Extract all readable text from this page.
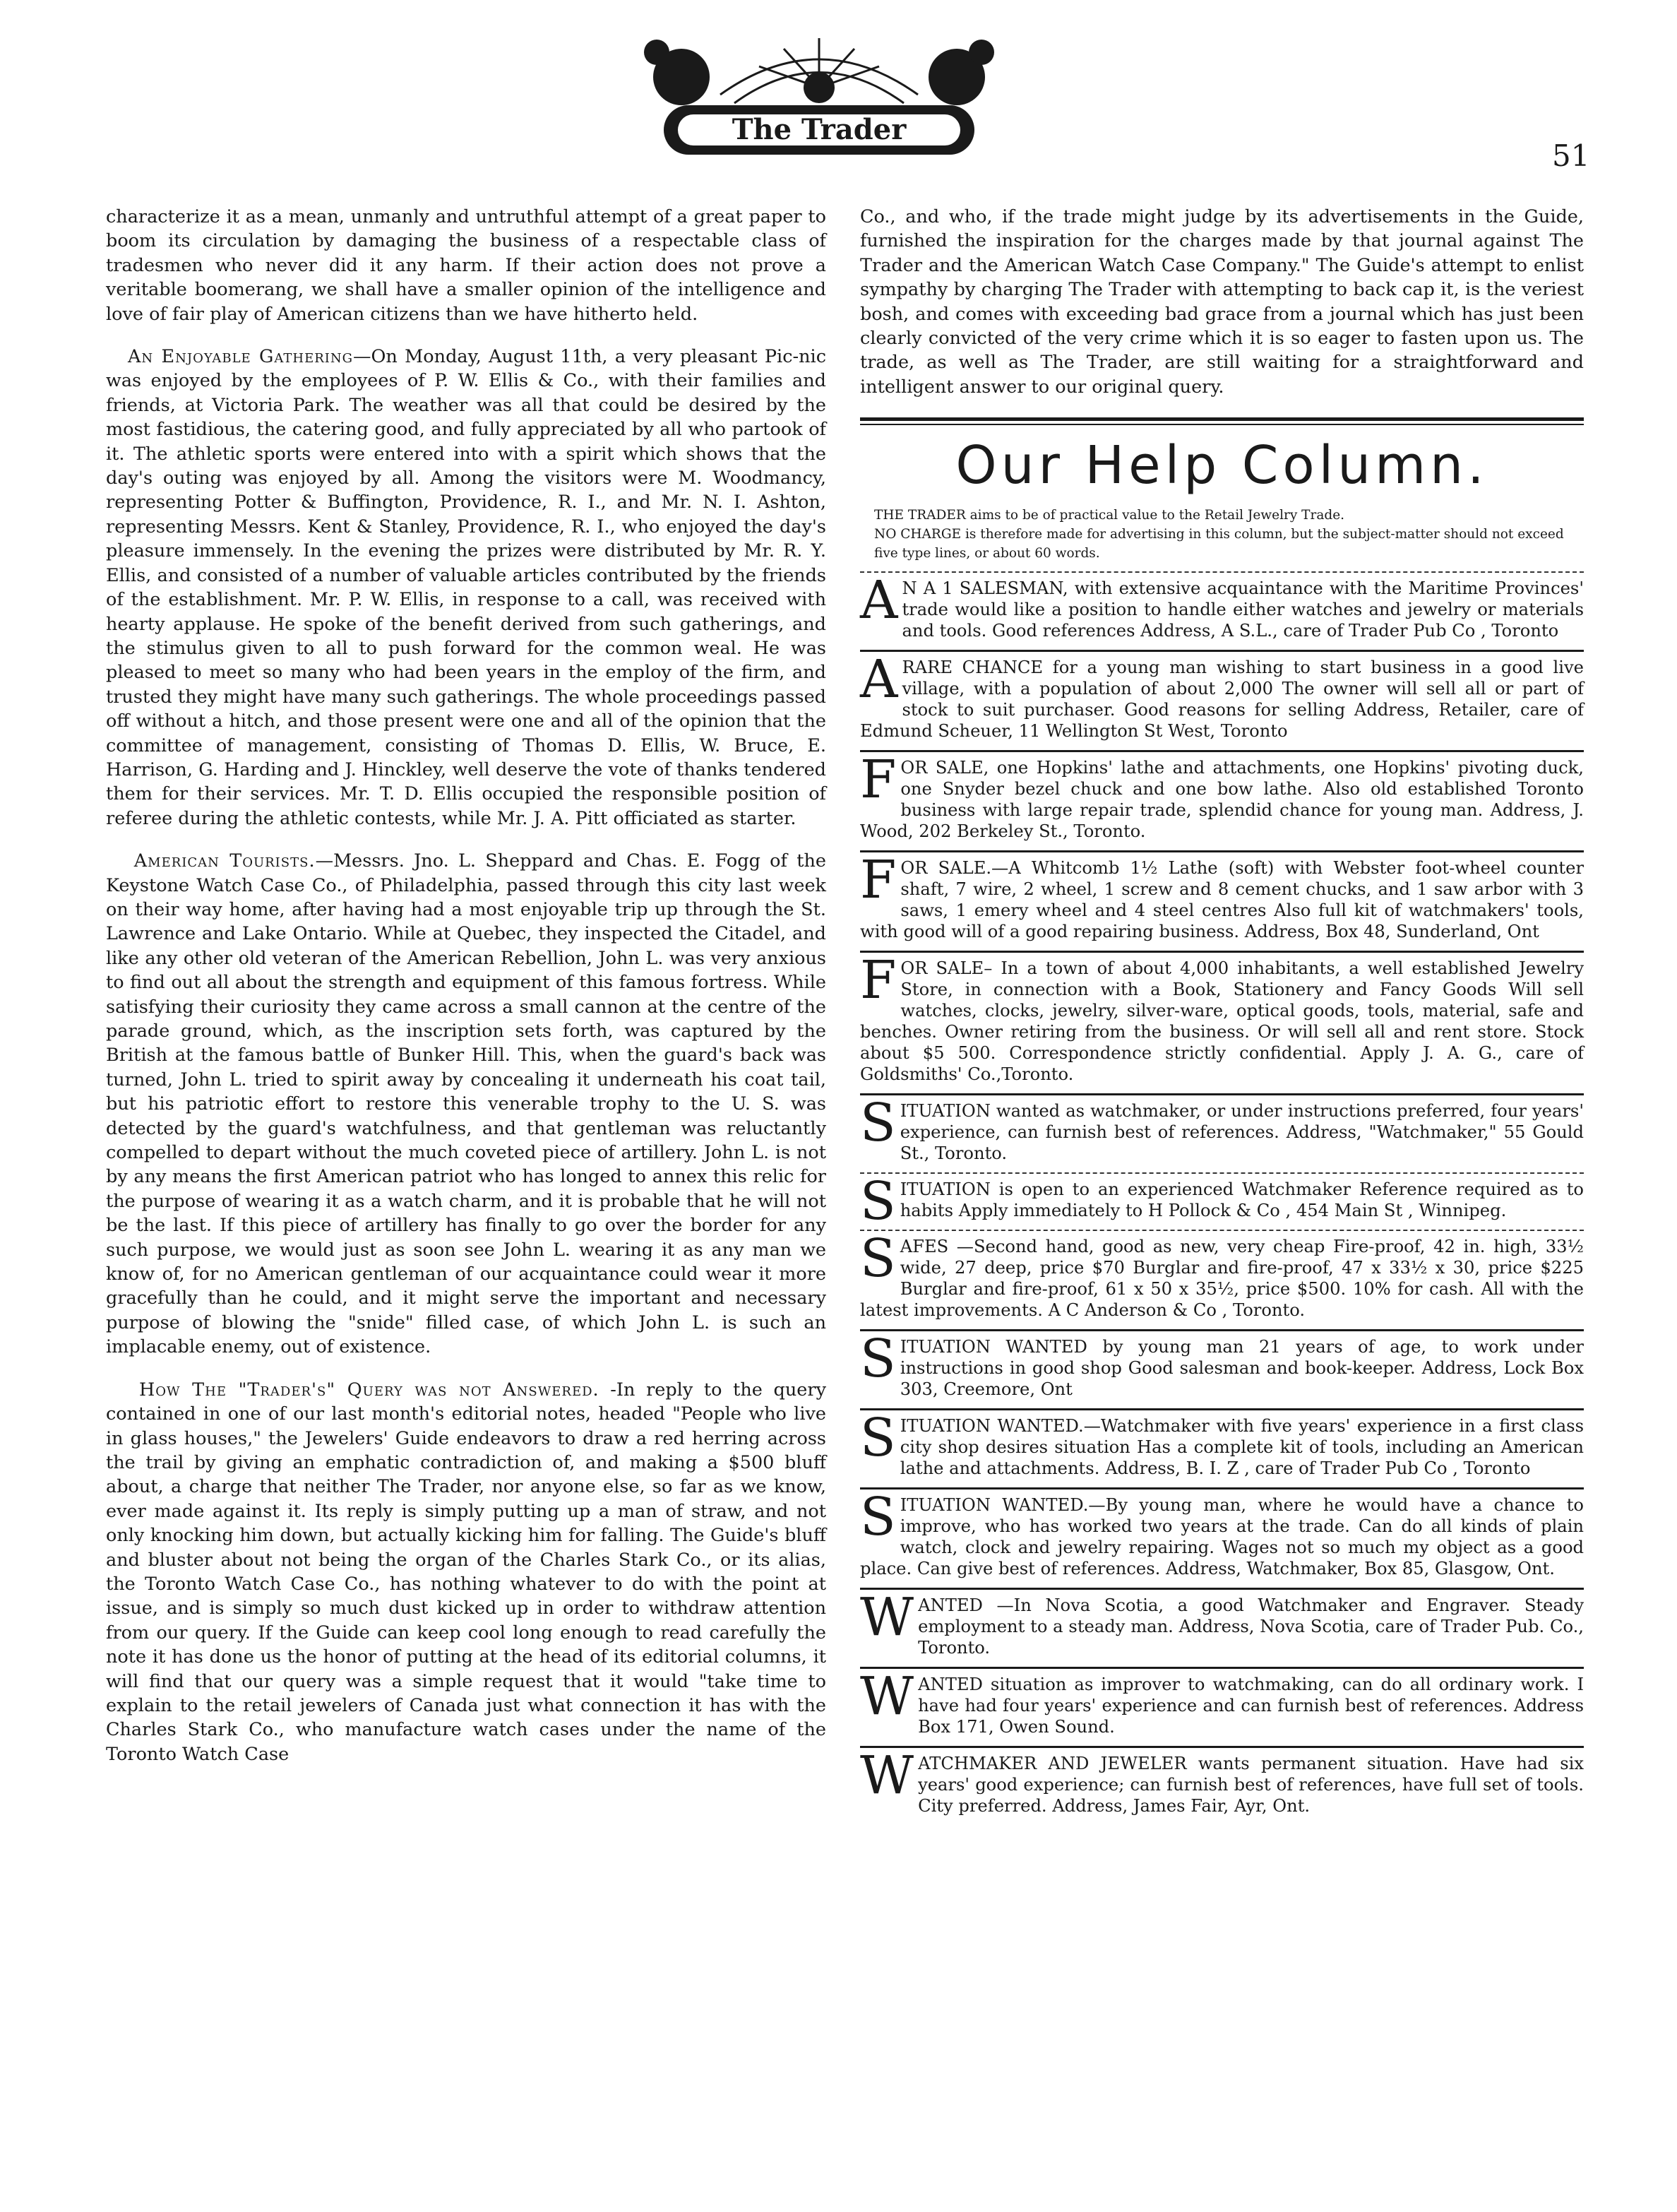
The Trader
51

characterize it as a mean, unmanly and untruthful attempt of a great paper to boom its circulation by damaging the business of a respectable class of tradesmen who never did it any harm. If their action does not prove a veritable boomerang, we shall have a smaller opinion of the intelligence and love of fair play of American citizens than we have hitherto held.

An Enjoyable Gathering—On Monday, August 11th, a very pleasant Pic-nic was enjoyed by the employees of P. W. Ellis & Co., with their families and friends, at Victoria Park. The weather was all that could be desired by the most fastidious, the catering good, and fully appreciated by all who partook of it. The athletic sports were entered into with a spirit which shows that the day's outing was enjoyed by all. Among the visitors were M. Woodmancy, representing Potter & Buffington, Providence, R. I., and Mr. N. I. Ashton, representing Messrs. Kent & Stanley, Providence, R. I., who enjoyed the day's pleasure immensely. In the evening the prizes were distributed by Mr. R. Y. Ellis, and consisted of a number of valuable articles contributed by the friends of the establishment. Mr. P. W. Ellis, in response to a call, was received with hearty applause. He spoke of the benefit derived from such gatherings, and the stimulus given to all to push forward for the common weal. He was pleased to meet so many who had been years in the employ of the firm, and trusted they might have many such gatherings. The whole proceedings passed off without a hitch, and those present were one and all of the opinion that the committee of management, consisting of Thomas D. Ellis, W. Bruce, E. Harrison, G. Harding and J. Hinckley, well deserve the vote of thanks tendered them for their services. Mr. T. D. Ellis occupied the responsible position of referee during the athletic contests, while Mr. J. A. Pitt officiated as starter.

American Tourists.—Messrs. Jno. L. Sheppard and Chas. E. Fogg of the Keystone Watch Case Co., of Philadelphia, passed through this city last week on their way home, after having had a most enjoyable trip up through the St. Lawrence and Lake Ontario. While at Quebec, they inspected the Citadel, and like any other old veteran of the American Rebellion, John L. was very anxious to find out all about the strength and equipment of this famous fortress. While satisfying their curiosity they came across a small cannon at the centre of the parade ground, which, as the inscription sets forth, was captured by the British at the famous battle of Bunker Hill. This, when the guard's back was turned, John L. tried to spirit away by concealing it underneath his coat tail, but his patriotic effort to restore this venerable trophy to the U. S. was detected by the guard's watchfulness, and that gentleman was reluctantly compelled to depart without the much coveted piece of artillery. John L. is not by any means the first American patriot who has longed to annex this relic for the purpose of wearing it as a watch charm, and it is probable that he will not be the last. If this piece of artillery has finally to go over the border for any such purpose, we would just as soon see John L. wearing it as any man we know of, for no American gentleman of our acquaintance could wear it more gracefully than he could, and it might serve the important and necessary purpose of blowing the "snide" filled case, of which John L. is such an implacable enemy, out of existence.

How The "Trader's" Query was not Answered. -In reply to the query contained in one of our last month's editorial notes, headed "People who live in glass houses," the Jewelers' Guide endeavors to draw a red herring across the trail by giving an emphatic contradiction of, and making a $500 bluff about, a charge that neither The Trader, nor anyone else, so far as we know, ever made against it. Its reply is simply putting up a man of straw, and not only knocking him down, but actually kicking him for falling. The Guide's bluff and bluster about not being the organ of the Charles Stark Co., or its alias, the Toronto Watch Case Co., has nothing whatever to do with the point at issue, and is simply so much dust kicked up in order to withdraw attention from our query. If the Guide can keep cool long enough to read carefully the note it has done us the honor of putting at the head of its editorial columns, it will find that our query was a simple request that it would "take time to explain to the retail jewelers of Canada just what connection it has with the Charles Stark Co., who manufacture watch cases under the name of the Toronto Watch Case

Co., and who, if the trade might judge by its advertisements in the Guide, furnished the inspiration for the charges made by that journal against The Trader and the American Watch Case Company." The Guide's attempt to enlist sympathy by charging The Trader with attempting to back cap it, is the veriest bosh, and comes with exceeding bad grace from a journal which has just been clearly convicted of the very crime which it is so eager to fasten upon us. The trade, as well as The Trader, are still waiting for a straightforward and intelligent answer to our original query.

Our Help Column.

THE TRADER aims to be of practical value to the Retail Jewelry Trade.

NO CHARGE is therefore made for advertising in this column, but the subject-matter should not exceed five type lines, or about 60 words.

A N A 1 SALESMAN, with extensive acquaintance with the Maritime Provinces' trade would like a position to handle either watches and jewelry or materials and tools. Good references Address, A S.L., care of Trader Pub Co , Toronto

A RARE CHANCE for a young man wishing to start business in a good live village, with a population of about 2,000 The owner will sell all or part of stock to suit purchaser. Good reasons for selling Address, Retailer, care of Edmund Scheuer, 11 Wellington St West, Toronto

FOR SALE, one Hopkins' lathe and attachments, one Hopkins' pivoting duck, one Snyder bezel chuck and one bow lathe. Also old established Toronto business with large repair trade, splendid chance for young man. Address, J. Wood, 202 Berkeley St., Toronto.

FOR SALE.—A Whitcomb 1½ Lathe (soft) with Webster foot-wheel counter shaft, 7 wire, 2 wheel, 1 screw and 8 cement chucks, and 1 saw arbor with 3 saws, 1 emery wheel and 4 steel centres Also full kit of watchmakers' tools, with good will of a good repairing business. Address, Box 48, Sunderland, Ont

FOR SALE– In a town of about 4,000 inhabitants, a well established Jewelry Store, in connection with a Book, Stationery and Fancy Goods Will sell watches, clocks, jewelry, silver-ware, optical goods, tools, material, safe and benches. Owner retiring from the business. Or will sell all and rent store. Stock about $5 500. Correspondence strictly confidential. Apply J. A. G., care of Goldsmiths' Co.,Toronto.

SITUATION wanted as watchmaker, or under instructions preferred, four years' experience, can furnish best of references. Address, "Watchmaker," 55 Gould St., Toronto.

SITUATION is open to an experienced Watchmaker Reference required as to habits Apply immediately to H Pollock & Co , 454 Main St , Winnipeg.

SAFES —Second hand, good as new, very cheap Fire-proof, 42 in. high, 33½ wide, 27 deep, price $70 Burglar and fire-proof, 47 x 33½ x 30, price $225 Burglar and fire-proof, 61 x 50 x 35½, price $500. 10% for cash. All with the latest improvements. A C Anderson & Co , Toronto.

SITUATION WANTED by young man 21 years of age, to work under instructions in good shop Good salesman and book-keeper. Address, Lock Box 303, Creemore, Ont

SITUATION WANTED.—Watchmaker with five years' experience in a first class city shop desires situation Has a complete kit of tools, including an American lathe and attachments. Address, B. I. Z , care of Trader Pub Co , Toronto

SITUATION WANTED.—By young man, where he would have a chance to improve, who has worked two years at the trade. Can do all kinds of plain watch, clock and jewelry repairing. Wages not so much my object as a good place. Can give best of references. Address, Watchmaker, Box 85, Glasgow, Ont.

WANTED —In Nova Scotia, a good Watchmaker and Engraver. Steady employment to a steady man. Address, Nova Scotia, care of Trader Pub. Co., Toronto.

WANTED situation as improver to watchmaking, can do all ordinary work. I have had four years' experience and can furnish best of references. Address Box 171, Owen Sound.

WATCHMAKER AND JEWELER wants permanent situation. Have had six years' good experience; can furnish best of references, have full set of tools. City preferred. Address, James Fair, Ayr, Ont.
